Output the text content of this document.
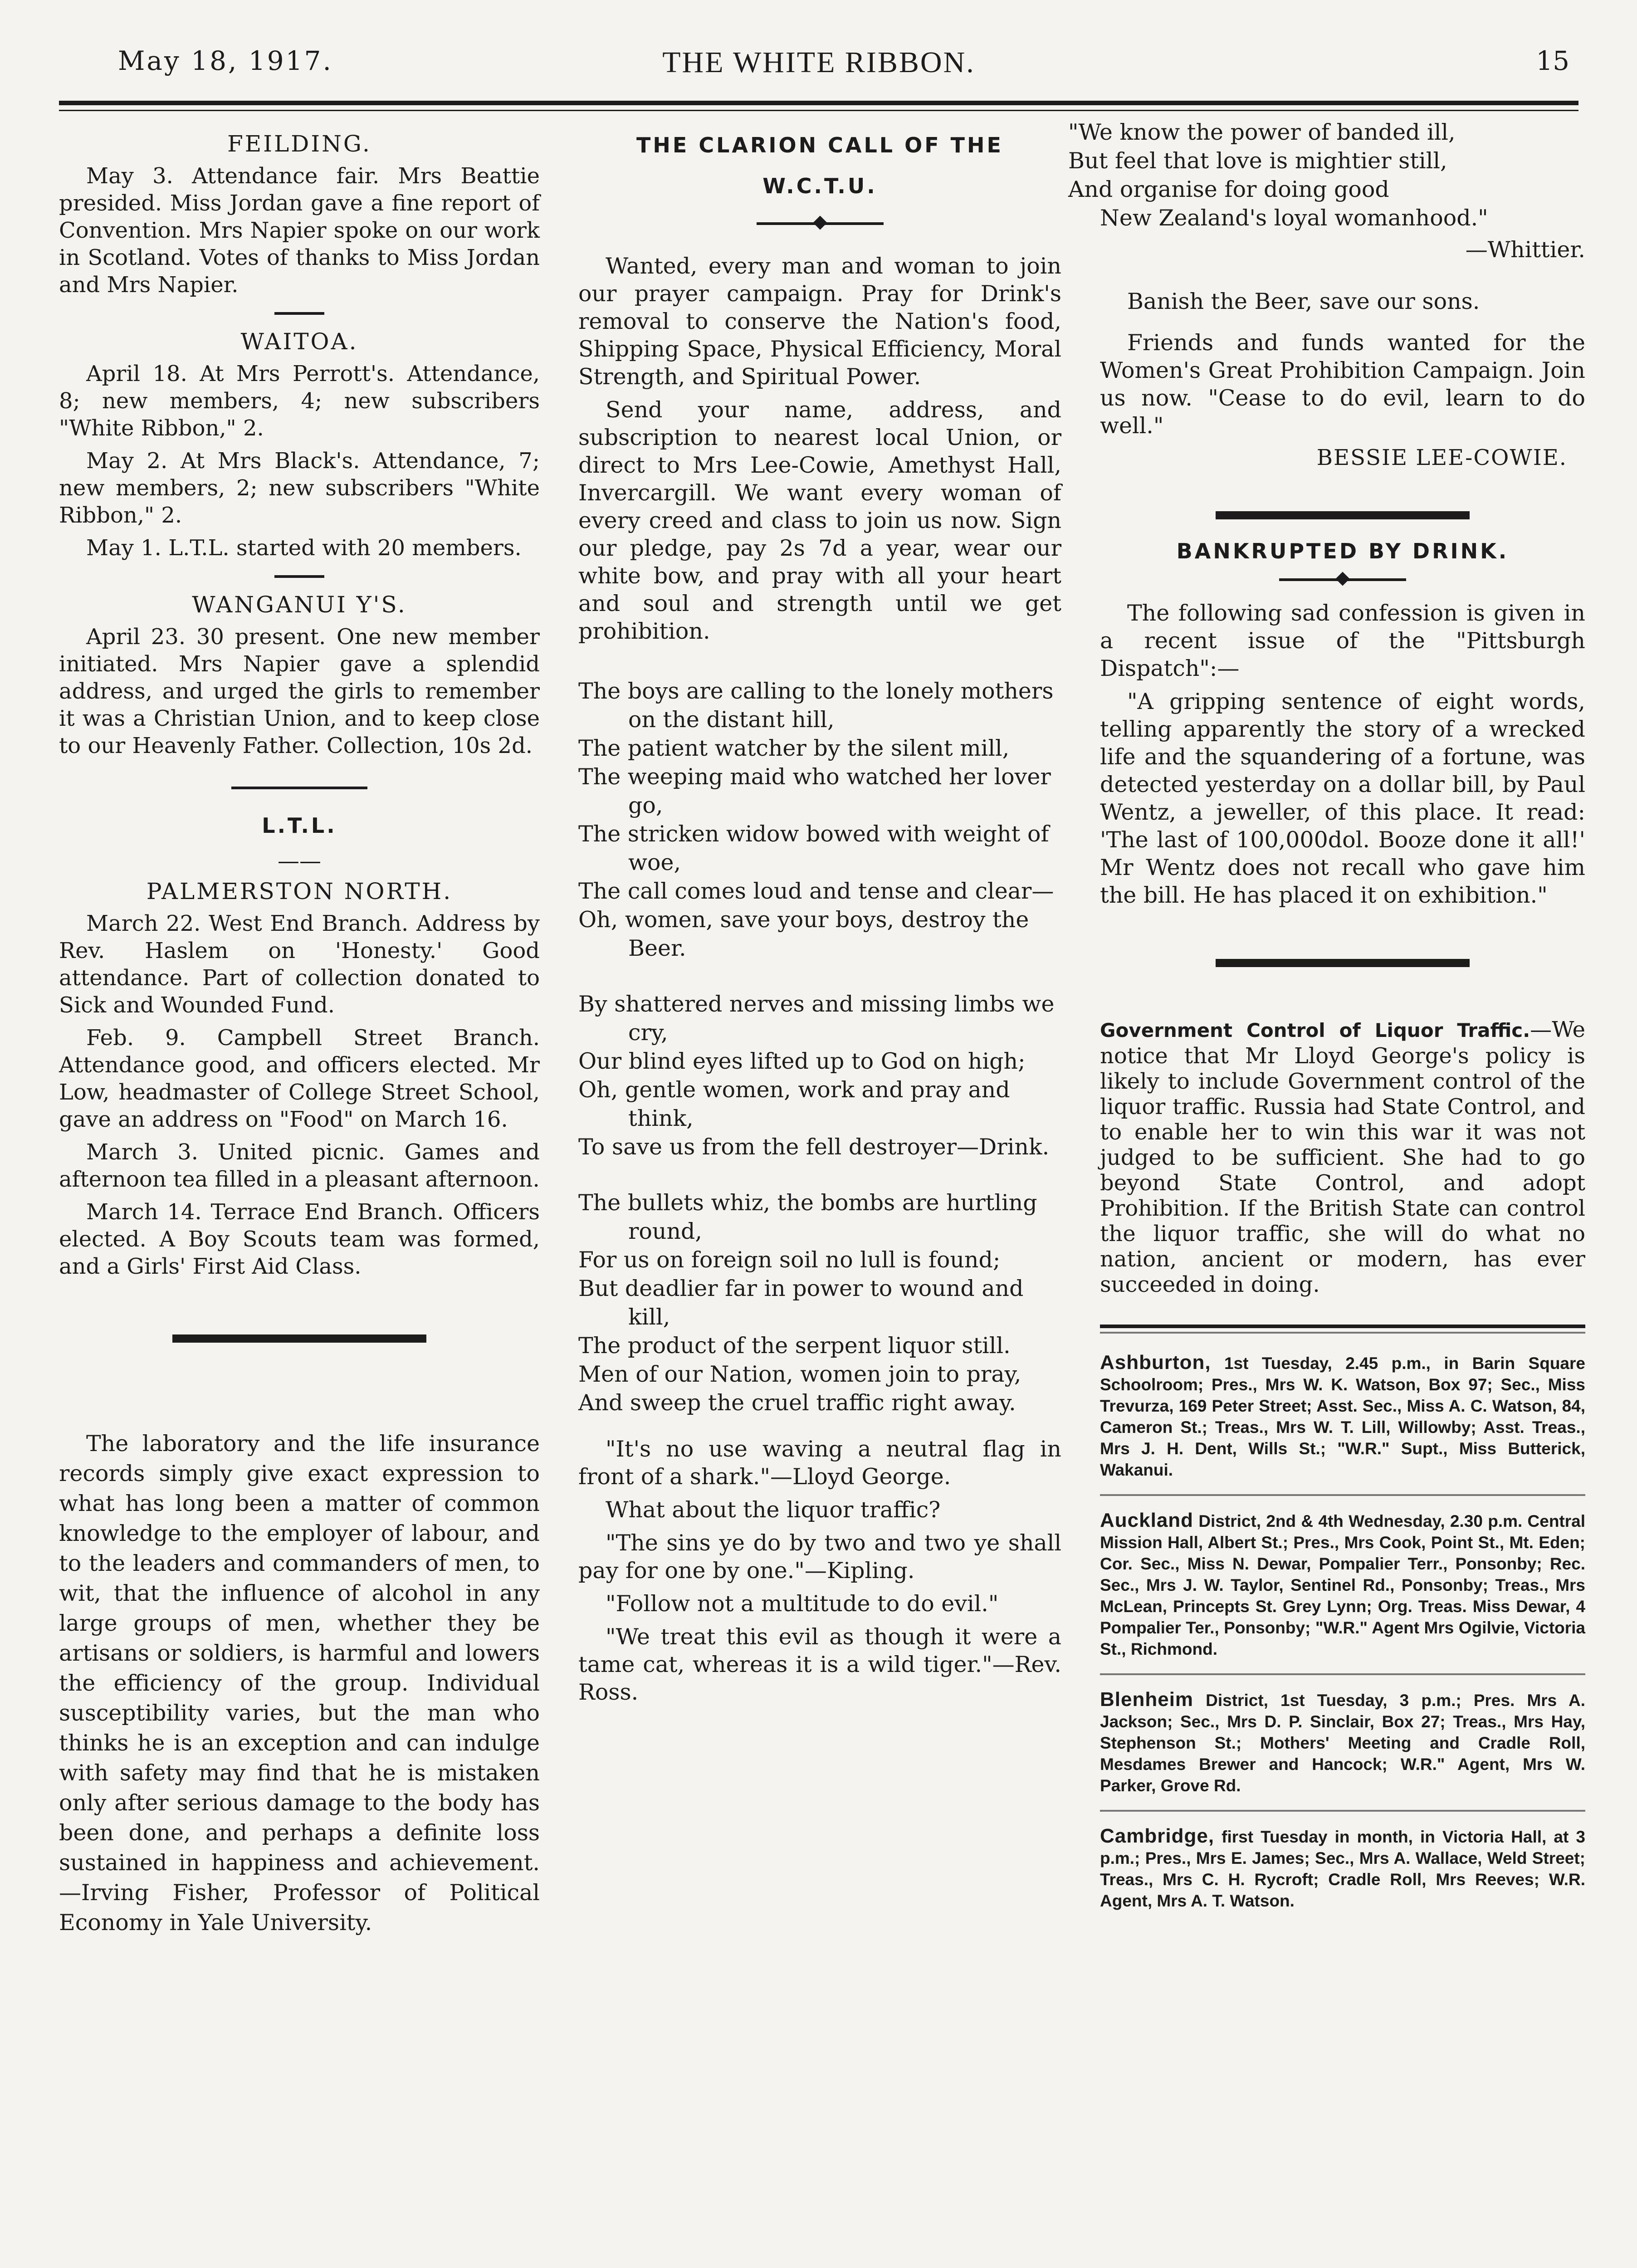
May 18, 1917.	THE WHITE RIBBON.	15
FEILDING.

May 3. Attendance fair. Mrs Beattie presided. Miss Jordan gave a fine report of Convention. Mrs Napier spoke on our work in Scotland. Votes of thanks to Miss Jordan and Mrs Napier.

WAITOA.

April 18. At Mrs Perrott's. Attendance, 8; new members, 4; new subscribers "White Ribbon," 2.

May 2. At Mrs Black's. Attendance, 7; new members, 2; new subscribers "White Ribbon," 2.

May 1. L.T.L. started with 20 members.

WANGANUI Y'S.

April 23. 30 present. One new member initiated. Mrs Napier gave a splendid address, and urged the girls to remember it was a Christian Union, and to keep close to our Heavenly Father. Collection, 10s 2d.

L.T.L.
——
PALMERSTON NORTH.

March 22. West End Branch. Address by Rev. Haslem on 'Honesty.' Good attendance. Part of collection donated to Sick and Wounded Fund.

Feb. 9. Campbell Street Branch. Attendance good, and officers elected. Mr Low, headmaster of College Street School, gave an address on "Food" on March 16.

March 3. United picnic. Games and afternoon tea filled in a pleasant afternoon.

March 14. Terrace End Branch. Officers elected. A Boy Scouts team was formed, and a Girls' First Aid Class.

The laboratory and the life insurance records simply give exact expression to what has long been a matter of common knowledge to the employer of labour, and to the leaders and commanders of men, to wit, that the influence of alcohol in any large groups of men, whether they be artisans or soldiers, is harmful and lowers the efficiency of the group. Individual susceptibility varies, but the man who thinks he is an exception and can indulge with safety may find that he is mistaken only after serious damage to the body has been done, and perhaps a definite loss sustained in happiness and achievement.—Irving Fisher, Professor of Political Economy in Yale University.

THE CLARION CALL OF THE
W.C.T.U.

Wanted, every man and woman to join our prayer campaign. Pray for Drink's removal to conserve the Nation's food, Shipping Space, Physical Efficiency, Moral Strength, and Spiritual Power.

Send your name, address, and subscription to nearest local Union, or direct to Mrs Lee-Cowie, Amethyst Hall, Invercargill. We want every woman of every creed and class to join us now. Sign our pledge, pay 2s 7d a year, wear our white bow, and pray with all your heart and soul and strength until we get prohibition.

The boys are calling to the lonely mothers on the distant hill,
The patient watcher by the silent mill,
The weeping maid who watched her lover go,
The stricken widow bowed with weight of woe,
The call comes loud and tense and clear—
Oh, women, save your boys, destroy the Beer.
By shattered nerves and missing limbs we cry,
Our blind eyes lifted up to God on high;
Oh, gentle women, work and pray and think,
To save us from the fell destroyer—Drink.
The bullets whiz, the bombs are hurtling round,
For us on foreign soil no lull is found;
But deadlier far in power to wound and kill,
The product of the serpent liquor still.
Men of our Nation, women join to pray,
And sweep the cruel traffic right away.

"It's no use waving a neutral flag in front of a shark."—Lloyd George.

What about the liquor traffic?

"The sins ye do by two and two ye shall pay for one by one."—Kipling.

"Follow not a multitude to do evil."

"We treat this evil as though it were a tame cat, whereas it is a wild tiger."—Rev. Ross.

"We know the power of banded ill,
But feel that love is mightier still,
And organise for doing good
New Zealand's loyal womanhood."
—Whittier.

Banish the Beer, save our sons.

Friends and funds wanted for the Women's Great Prohibition Campaign. Join us now. "Cease to do evil, learn to do well."

BESSIE LEE-COWIE.
BANKRUPTED BY DRINK.

The following sad confession is given in a recent issue of the "Pittsburgh Dispatch":—

"A gripping sentence of eight words, telling apparently the story of a wrecked life and the squandering of a fortune, was detected yesterday on a dollar bill, by Paul Wentz, a jeweller, of this place. It read: 'The last of 100,000dol. Booze done it all!' Mr Wentz does not recall who gave him the bill. He has placed it on exhibition."

Government Control of Liquor Traffic.—We notice that Mr Lloyd George's policy is likely to include Government control of the liquor traffic. Russia had State Control, and to enable her to win this war it was not judged to be sufficient. She had to go beyond State Control, and adopt Prohibition. If the British State can control the liquor traffic, she will do what no nation, ancient or modern, has ever succeeded in doing.

Ashburton, 1st Tuesday, 2.45 p.m., in Barin Square Schoolroom; Pres., Mrs W. K. Watson, Box 97; Sec., Miss Trevurza, 169 Peter Street; Asst. Sec., Miss A. C. Watson, 84, Cameron St.; Treas., Mrs W. T. Lill, Willowby; Asst. Treas., Mrs J. H. Dent, Wills St.; "W.R." Supt., Miss Butterick, Wakanui.

Auckland District, 2nd & 4th Wednesday, 2.30 p.m. Central Mission Hall, Albert St.; Pres., Mrs Cook, Point St., Mt. Eden; Cor. Sec., Miss N. Dewar, Pompalier Terr., Ponsonby; Rec. Sec., Mrs J. W. Taylor, Sentinel Rd., Ponsonby; Treas., Mrs McLean, Princepts St. Grey Lynn; Org. Treas. Miss Dewar, 4 Pompalier Ter., Ponsonby; "W.R." Agent Mrs Ogilvie, Victoria St., Richmond.

Blenheim District, 1st Tuesday, 3 p.m.; Pres. Mrs A. Jackson; Sec., Mrs D. P. Sinclair, Box 27; Treas., Mrs Hay, Stephenson St.; Mothers' Meeting and Cradle Roll, Mesdames Brewer and Hancock; W.R." Agent, Mrs W. Parker, Grove Rd.

Cambridge, first Tuesday in month, in Victoria Hall, at 3 p.m.; Pres., Mrs E. James; Sec., Mrs A. Wallace, Weld Street; Treas., Mrs C. H. Rycroft; Cradle Roll, Mrs Reeves; W.R. Agent, Mrs A. T. Watson.
